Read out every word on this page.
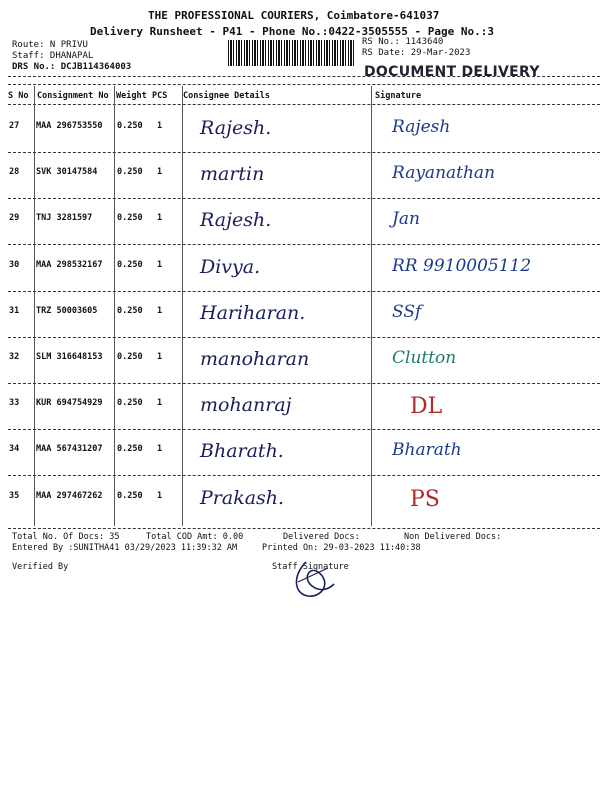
THE PROFESSIONAL COURIERS, Coimbatore-641037
Delivery Runsheet - P41 - Phone No.:0422-3505555 - Page No.:3
Route: N PRIVU
Staff: DHANAPAL
DRS No.: DCJB114364003
RS No.: 1143640
RS Date: 29-Mar-2023
DOCUMENT DELIVERY
S No Consignment No Weight PCS Consignee Details	Signature
27 MAA 296753550 0.250 1 Rajesh.	Rajesh
28 SVK 30147584 0.250 1 martin	Rayanathan
29 TNJ 3281597	0.250 1 Rajesh.	Jan
30 MAA 298532167 0.250 1 Divya.	RR 9910005112
31 TRZ 50003605 0.250 1 Hariharan.	SSf
32 SLM 316648153 0.250 1 manoharan	Clutton
33 KUR 694754929 0.250 1 mohanraj	DL
34 MAA 567431207 0.250 1 Bharath.	Bharath
35 MAA 297467262 0.250 1 Prakash.	PS
Total No. Of Docs: 35	Total COD Amt: 0.00	Delivered Docs:	Non Delivered Docs:
Entered By :SUNITHA41 03/29/2023 11:39:32 AM	Printed On: 29-03-2023 11:40:38
Verified By	Staff Signature
